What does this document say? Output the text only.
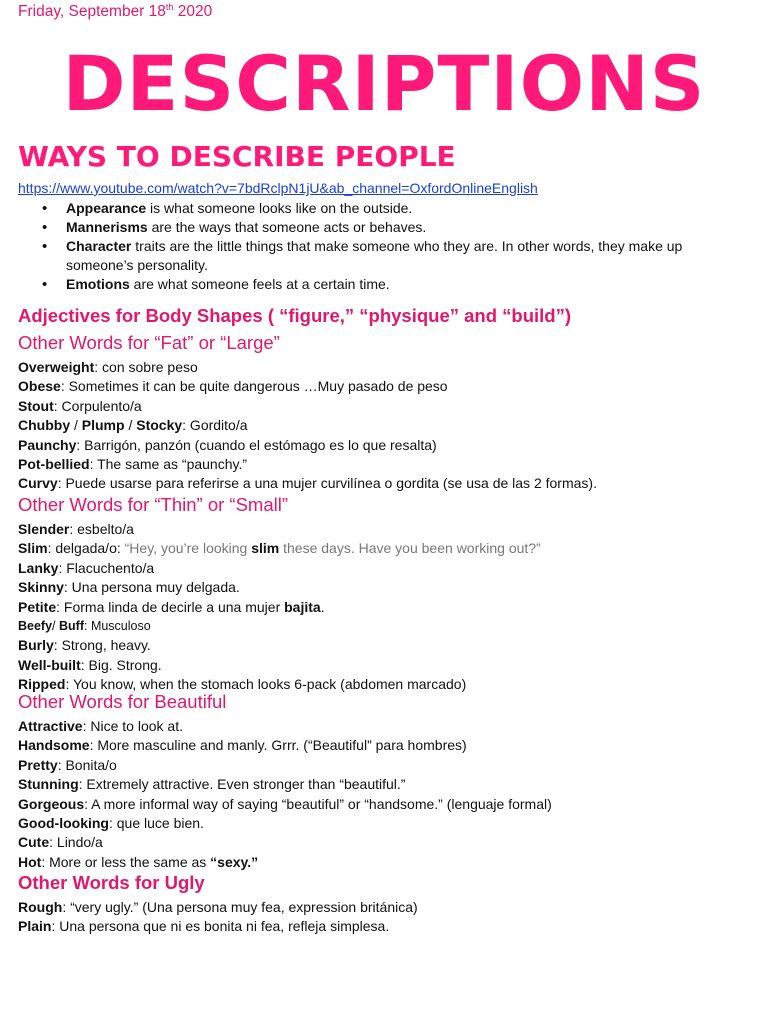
Friday, September 18th 2020
DESCRIPTIONS
WAYS TO DESCRIBE PEOPLE
https://www.youtube.com/watch?v=7bdRclpN1jU&ab_channel=OxfordOnlineEnglish
• Appearance is what someone looks like on the outside.
• Mannerisms are the ways that someone acts or behaves.
• Character traits are the little things that make someone who they are. In other words, they make up someone’s personality.
• Emotions are what someone feels at a certain time.
Adjectives for Body Shapes ( “figure,” “physique” and “build”)
Other Words for “Fat” or “Large”
Overweight: con sobre peso
Obese: Sometimes it can be quite dangerous …Muy pasado de peso
Stout: Corpulento/a
Chubby / Plump / Stocky: Gordito/a
Paunchy: Barrigón, panzón (cuando el estómago es lo que resalta)
Pot-bellied: The same as “paunchy.”
Curvy: Puede usarse para referirse a una mujer curvilínea o gordita (se usa de las 2 formas).
Other Words for “Thin” or “Small”
Slender: esbelto/a
Slim: delgada/o: “Hey, you’re looking slim these days. Have you been working out?”
Lanky: Flacuchento/a
Skinny: Una persona muy delgada.
Petite: Forma linda de decirle a una mujer bajita.
Beefy/ Buff: Musculoso
Burly: Strong, heavy.
Well-built: Big. Strong.
Ripped: You know, when the stomach looks 6-pack (abdomen marcado)
Other Words for Beautiful
Attractive: Nice to look at.
Handsome: More masculine and manly. Grrr. (“Beautiful” para hombres)
Pretty: Bonita/o
Stunning: Extremely attractive. Even stronger than “beautiful.”
Gorgeous: A more informal way of saying “beautiful” or “handsome.” (lenguaje formal)
Good-looking: que luce bien.
Cute: Lindo/a
Hot: More or less the same as “sexy.”
Other Words for Ugly
Rough: “very ugly.” (Una persona muy fea, expression británica)
Plain: Una persona que ni es bonita ni fea, refleja simplesa.
